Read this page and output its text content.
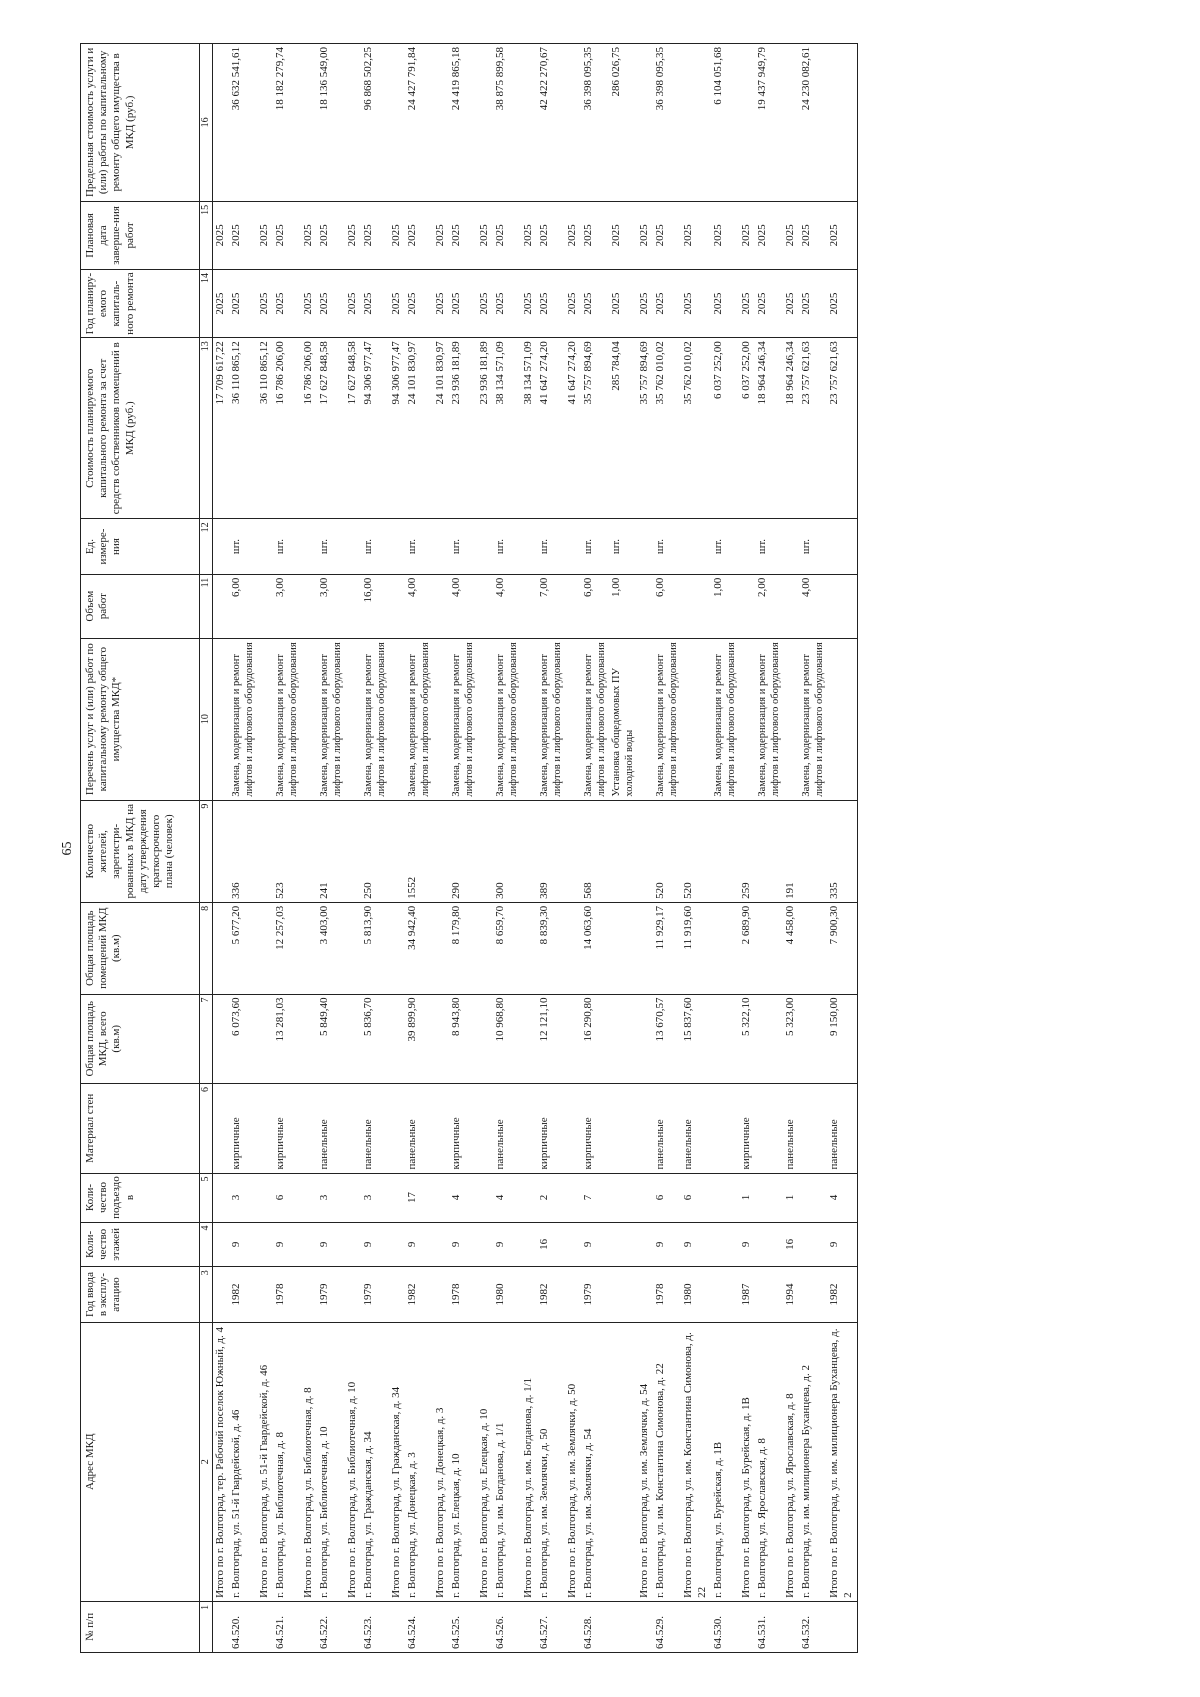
65
№ п/п	Адрес МКД	Год ввода в эксплу-атацию	Коли-чество этажей	Коли-чество подъездо в	Материал стен	Общая площадь МКД, всего (кв.м)	Общая площадь помещений МКД (кв.м)	Количество жителей, зарегистри-рованных в МКД на дату утверждения краткосрочного плана (человек)	Перечень услуг и (или) работ по капитальному ремонту общего имущества МКД*	Объем работ	Ед. измере-ния	Стоимость планируемого капитального ремонта за счет средств собственников помещений в МКД (руб.)	Год планиру-емого капиталь-ного ремонта	Плановая дата заверше-ния работ	Предельная стоимость услуги и (или) работы по капитальному ремонту общего имущества в МКД (руб.)
1	2	3	4	5	6	7	8	9	10	11	12	13	14	15	16
	Итого по г. Волгоград, тер. Рабочий поселок Южный, д. 4											17 709 617,22	2025	2025	
64.520.	г. Волгоград, ул. 51-й Гвардейской, д. 46	1982	9	3	кирпичные	6 073,60	5 677,20	336	Замена, модернизация и ремонт лифтов и лифтового оборудования	6,00	шт.	36 110 865,12	2025	2025	36 632 541,61
	Итого по г. Волгоград, ул. 51-й Гвардейской, д. 46											36 110 865,12	2025	2025	
64.521.	г. Волгоград, ул. Библиотечная, д. 8	1978	9	6	кирпичные	13 281,03	12 257,03	523	Замена, модернизация и ремонт лифтов и лифтового оборудования	3,00	шт.	16 786 206,00	2025	2025	18 182 279,74
	Итого по г. Волгоград, ул. Библиотечная, д. 8											16 786 206,00	2025	2025	
64.522.	г. Волгоград, ул. Библиотечная, д. 10	1979	9	3	панельные	5 849,40	3 403,00	241	Замена, модернизация и ремонт лифтов и лифтового оборудования	3,00	шт.	17 627 848,58	2025	2025	18 136 549,00
	Итого по г. Волгоград, ул. Библиотечная, д. 10											17 627 848,58	2025	2025	
64.523.	г. Волгоград, ул. Гражданская, д. 34	1979	9	3	панельные	5 836,70	5 813,90	250	Замена, модернизация и ремонт лифтов и лифтового оборудования	16,00	шт.	94 306 977,47	2025	2025	96 868 502,25
	Итого по г. Волгоград, ул. Гражданская, д. 34											94 306 977,47	2025	2025	
64.524.	г. Волгоград, ул. Донецкая, д. 3	1982	9	17	панельные	39 899,90	34 942,40	1552	Замена, модернизация и ремонт лифтов и лифтового оборудования	4,00	шт.	24 101 830,97	2025	2025	24 427 791,84
	Итого по г. Волгоград, ул. Донецкая, д. 3											24 101 830,97	2025	2025	
64.525.	г. Волгоград, ул. Елецкая, д. 10	1978	9	4	кирпичные	8 943,80	8 179,80	290	Замена, модернизация и ремонт лифтов и лифтового оборудования	4,00	шт.	23 936 181,89	2025	2025	24 419 865,18
	Итого по г. Волгоград, ул. Елецкая, д. 10											23 936 181,89	2025	2025	
64.526.	г. Волгоград, ул. им. Богданова, д. 1/1	1980	9	4	панельные	10 968,80	8 659,70	300	Замена, модернизация и ремонт лифтов и лифтового оборудования	4,00	шт.	38 134 571,09	2025	2025	38 875 899,58
	Итого по г. Волгоград, ул. им. Богданова, д. 1/1											38 134 571,09	2025	2025	
64.527.	г. Волгоград, ул. им. Землячки, д. 50	1982	16	2	кирпичные	12 121,10	8 839,30	389	Замена, модернизация и ремонт лифтов и лифтового оборудования	7,00	шт.	41 647 274,20	2025	2025	42 422 270,67
	Итого по г. Волгоград, ул. им. Землячки, д. 50											41 647 274,20	2025	2025	
64.528.	г. Волгоград, ул. им. Землячки, д. 54	1979	9	7	кирпичные	16 290,80	14 063,60	568	Замена, модернизация и ремонт лифтов и лифтового оборудования	6,00	шт.	35 757 894,69	2025	2025	36 398 095,35
									Установка общедомовых ПУ холодной воды	1,00	шт.	285 784,04	2025	2025	286 026,75
	Итого по г. Волгоград, ул. им. Землячки, д. 54											35 757 894,69	2025	2025	
64.529.	г. Волгоград, ул. им. Константина Симонова, д. 22	1978	9	6	панельные	13 670,57	11 929,17	520	Замена, модернизация и ремонт лифтов и лифтового оборудования	6,00	шт.	35 762 010,02	2025	2025	36 398 095,35
	Итого по г. Волгоград, ул. им. Константина Симонова, д. 22	1980	9	6	панельные	15 837,60	11 919,60	520				35 762 010,02	2025	2025	
64.530.	г. Волгоград, ул. Бурейская, д. 1В								Замена, модернизация и ремонт лифтов и лифтового оборудования	1,00	шт.	6 037 252,00	2025	2025	6 104 051,68
	Итого по г. Волгоград, ул. Бурейская, д. 1В	1987	9	1	кирпичные	5 322,10	2 689,90	259				6 037 252,00	2025	2025	
64.531.	г. Волгоград, ул. Ярославская, д. 8								Замена, модернизация и ремонт лифтов и лифтового оборудования	2,00	шт.	18 964 246,34	2025	2025	19 437 949,79
	Итого по г. Волгоград, ул. Ярославская, д. 8	1994	16	1	панельные	5 323,00	4 458,00	191				18 964 246,34	2025	2025	
64.532.	г. Волгоград, ул. им. милиционера Буханцева, д. 2								Замена, модернизация и ремонт лифтов и лифтового оборудования	4,00	шт.	23 757 621,63	2025	2025	24 230 082,61
	Итого по г. Волгоград, ул. им. милиционера Буханцева, д. 2	1982	9	4	панельные	9 150,00	7 900,30	335				23 757 621,63	2025	2025	
